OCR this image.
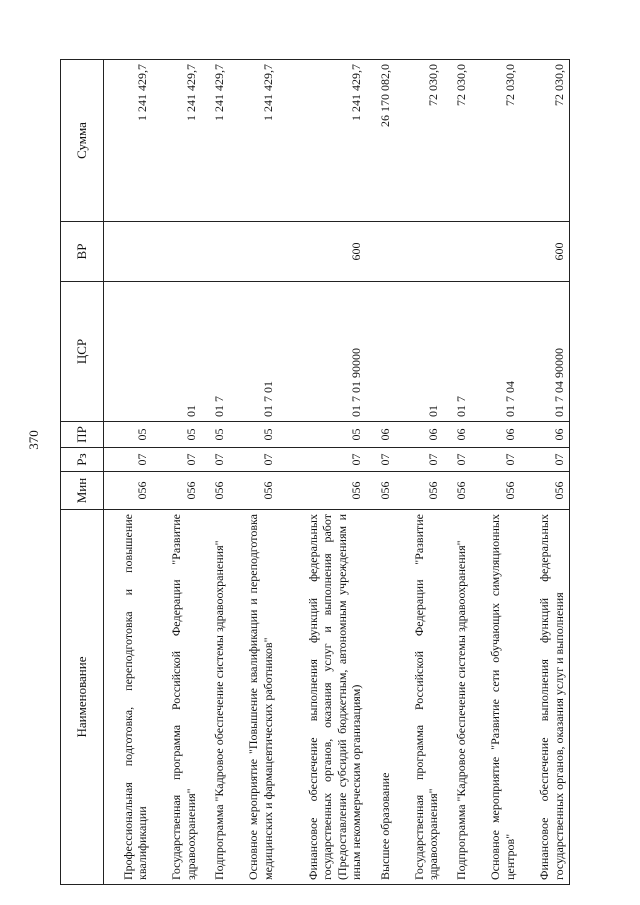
370
Наименование	Мин	Рз	ПР	ЦСР	ВР	Сумма
Профессиональная подготовка, переподготовка и повышение квалификации	056	07	05			1 241 429,7
Государственная программа Российской Федерации "Развитие здравоохранения"	056	07	05	01		1 241 429,7
Подпрограмма "Кадровое обеспечение системы здравоохранения"	056	07	05	01 7		1 241 429,7
Основное мероприятие "Повышение квалификации и переподготовка медицинских и фармацевтических работников"	056	07	05	01 7 01		1 241 429,7
Финансовое обеспечение выполнения функций федеральных государственных органов, оказания услуг и выполнения работ (Предоставление субсидий бюджетным, автономным учреждениям и иным некоммерческим организациям)	056	07	05	01 7 01 90000	600	1 241 429,7
Высшее образование	056	07	06			26 170 082,0
Государственная программа Российской Федерации "Развитие здравоохранения"	056	07	06	01		72 030,0
Подпрограмма "Кадровое обеспечение системы здравоохранения"	056	07	06	01 7		72 030,0
Основное мероприятие "Развитие сети обучающих симуляционных центров"	056	07	06	01 7 04		72 030,0
Финансовое обеспечение выполнения функций федеральных государственных органов, оказания услуг и выполнения	056	07	06	01 7 04 90000	600	72 030,0
